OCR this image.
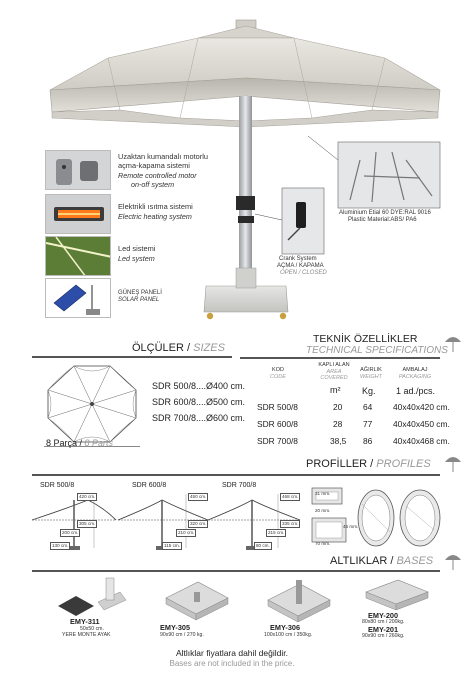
Uzaktan kumandalı motorlu
açma-kapama sistemi
Remote controlled motor
on-off system
Elektrikli ısıtma sistemi
Electric heating system
Led sistemi
Led system
GÜNEŞ PANELİ
SOLAR PANEL
Crank System
AÇMA / KAPAMA
OPEN / CLOSED
Aluminium Etial 60 DYE:RAL 9016
Plastic Material:ABS/ PA6
ÖLÇÜLER / SIZES
8 Parça / 8 Parts
SDR 500/8....Ø400 cm.
SDR 600/8....Ø500 cm.
SDR 700/8....Ø600 cm.
TEKNİK ÖZELLİKLER
TECHNICAL SPECIFICATIONS
KOD
CODE
KAPLI ALAN
AREA COVERED
AĞIRLIK
WEIGHT
AMBALAJ
PACKAGING
m² Kg. 1 ad./pcs.
SDR 500/8	20 64 40x40x420 cm.
SDR 600/8	28 77 40x40x450 cm.
SDR 700/8	38,5 86 40x40x468 cm.
PROFİLLER / PROFILES
SDR 500/8
420 cm.
305 cm.
200 cm.
130 cm.
SDR 600/8
450 cm.
320 cm.
210 cm.
115 cm.
SDR 700/8
468 cm.
335 cm.
215 cm.
80 cm.
31 mm.
20 mm.
70 mm.
45 mm.
ALTLIKLAR / BASES
EMY-311
50x50 cm.
YERE MONTE AYAK
EMY-305
90x90 cm / 270 kg.
EMY-306
100x100 cm / 350kg.
EMY-200
80x80 cm / 200kg.
EMY-201
90x90 cm / 260kg.
Altlıklar fiyatlara dahil değildir.
Bases are not included in the price.
